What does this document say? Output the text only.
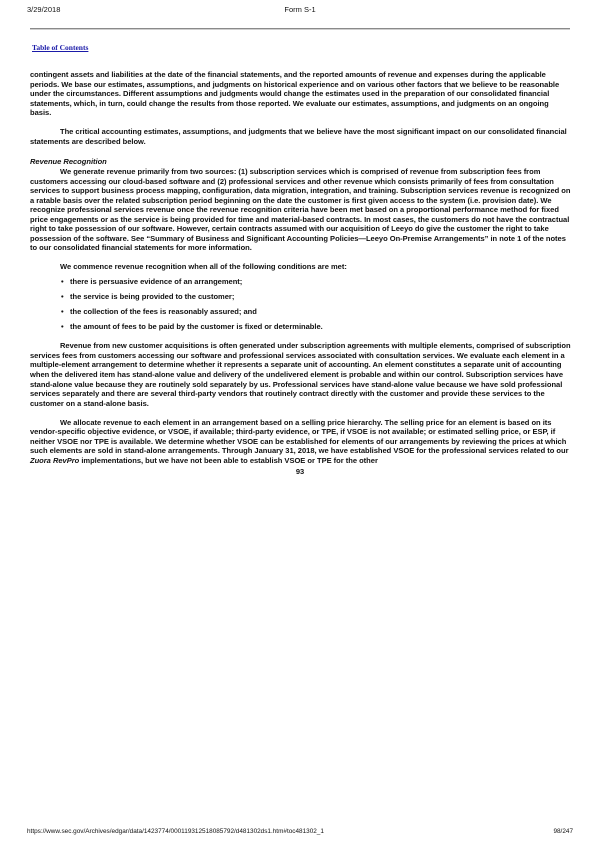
3/29/2018	Form S-1
Table of Contents

contingent assets and liabilities at the date of the financial statements, and the reported amounts of revenue and expenses during the applicable periods. We base our estimates, assumptions, and judgments on historical experience and on various other factors that we believe to be reasonable under the circumstances. Different assumptions and judgments would change the estimates used in the preparation of our consolidated financial statements, which, in turn, could change the results from those reported. We evaluate our estimates, assumptions, and judgments on an ongoing basis.

The critical accounting estimates, assumptions, and judgments that we believe have the most significant impact on our consolidated financial statements are described below.

Revenue Recognition

We generate revenue primarily from two sources: (1) subscription services which is comprised of revenue from subscription fees from customers accessing our cloud-based software and (2) professional services and other revenue which consists primarily of fees from consultation services to support business process mapping, configuration, data migration, integration, and training. Subscription services revenue is recognized on a ratable basis over the related subscription period beginning on the date the customer is first given access to the system (i.e. provision date). We recognize professional services revenue once the revenue recognition criteria have been met based on a proportional performance method for fixed price engagements or as the service is being provided for time and material-based contracts. In most cases, the customers do not have the contractual right to take possession of our software. However, certain contracts assumed with our acquisition of Leeyo do give the customer the right to take possession of the software. See “Summary of Business and Significant Accounting Policies—Leeyo On-Premise Arrangements” in note 1 of the notes to our consolidated financial statements for more information.

We commence revenue recognition when all of the following conditions are met:

• there is persuasive evidence of an arrangement;
• the service is being provided to the customer;
• the collection of the fees is reasonably assured; and
• the amount of fees to be paid by the customer is fixed or determinable.

Revenue from new customer acquisitions is often generated under subscription agreements with multiple elements, comprised of subscription services fees from customers accessing our software and professional services associated with consultation services. We evaluate each element in a multiple-element arrangement to determine whether it represents a separate unit of accounting. An element constitutes a separate unit of accounting when the delivered item has stand-alone value and delivery of the undelivered element is probable and within our control. Subscription services have stand-alone value because they are routinely sold separately by us. Professional services have stand-alone value because we have sold professional services separately and there are several third-party vendors that routinely contract directly with the customer and provide these services to the customer on a stand-alone basis.

We allocate revenue to each element in an arrangement based on a selling price hierarchy. The selling price for an element is based on its vendor-specific objective evidence, or VSOE, if available; third-party evidence, or TPE, if VSOE is not available; or estimated selling price, or ESP, if neither VSOE nor TPE is available. We determine whether VSOE can be established for elements of our arrangements by reviewing the prices at which such elements are sold in stand-alone arrangements. Through January 31, 2018, we have established VSOE for the professional services related to our Zuora RevPro implementations, but we have not been able to establish VSOE or TPE for the other

93
https://www.sec.gov/Archives/edgar/data/1423774/000119312518085792/d481302ds1.htm#toc481302_1	98/247
